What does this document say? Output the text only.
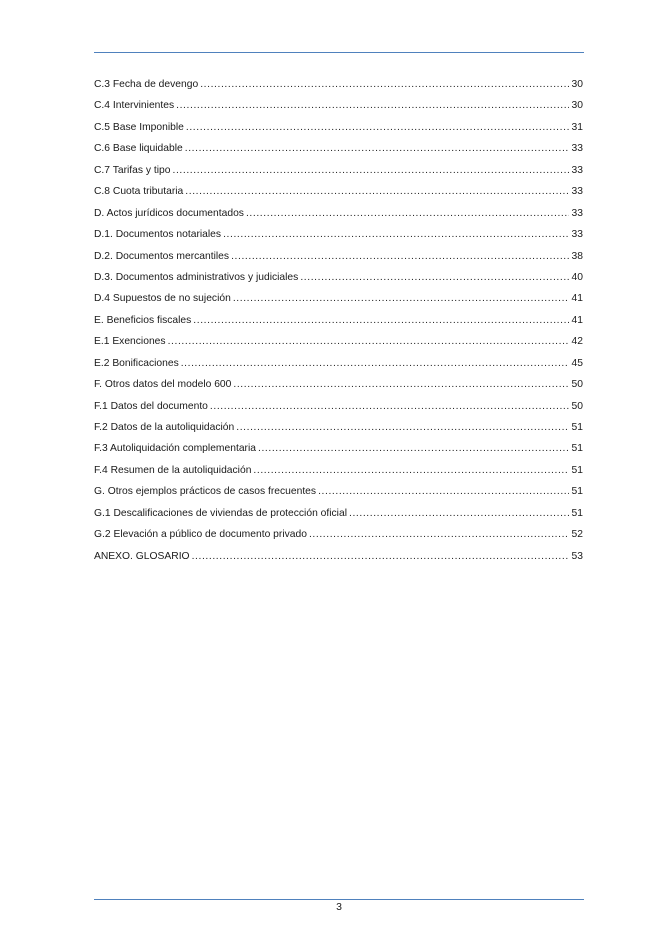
C.3 Fecha de devengo .....	30
C.4 Intervinientes .....	30
C.5 Base Imponible .....	31
C.6 Base liquidable .....	33
C.7 Tarifas y tipo .....	33
C.8 Cuota tributaria .....	33
D. Actos jurídicos documentados .....	33
D.1. Documentos notariales .....	33
D.2. Documentos mercantiles .....	38
D.3. Documentos administrativos y judiciales .....	40
D.4 Supuestos de no sujeción .....	41
E. Beneficios fiscales .....	41
E.1 Exenciones .....	42
E.2 Bonificaciones .....	45
F. Otros datos del modelo 600 .....	50
F.1 Datos del documento .....	50
F.2 Datos de la autoliquidación .....	51
F.3 Autoliquidación complementaria .....	51
F.4 Resumen de la autoliquidación .....	51
G. Otros ejemplos prácticos de casos frecuentes .....	51
G.1 Descalificaciones de viviendas de protección oficial .....	51
G.2 Elevación a público de documento privado .....	52
ANEXO. GLOSARIO .....	53
3
